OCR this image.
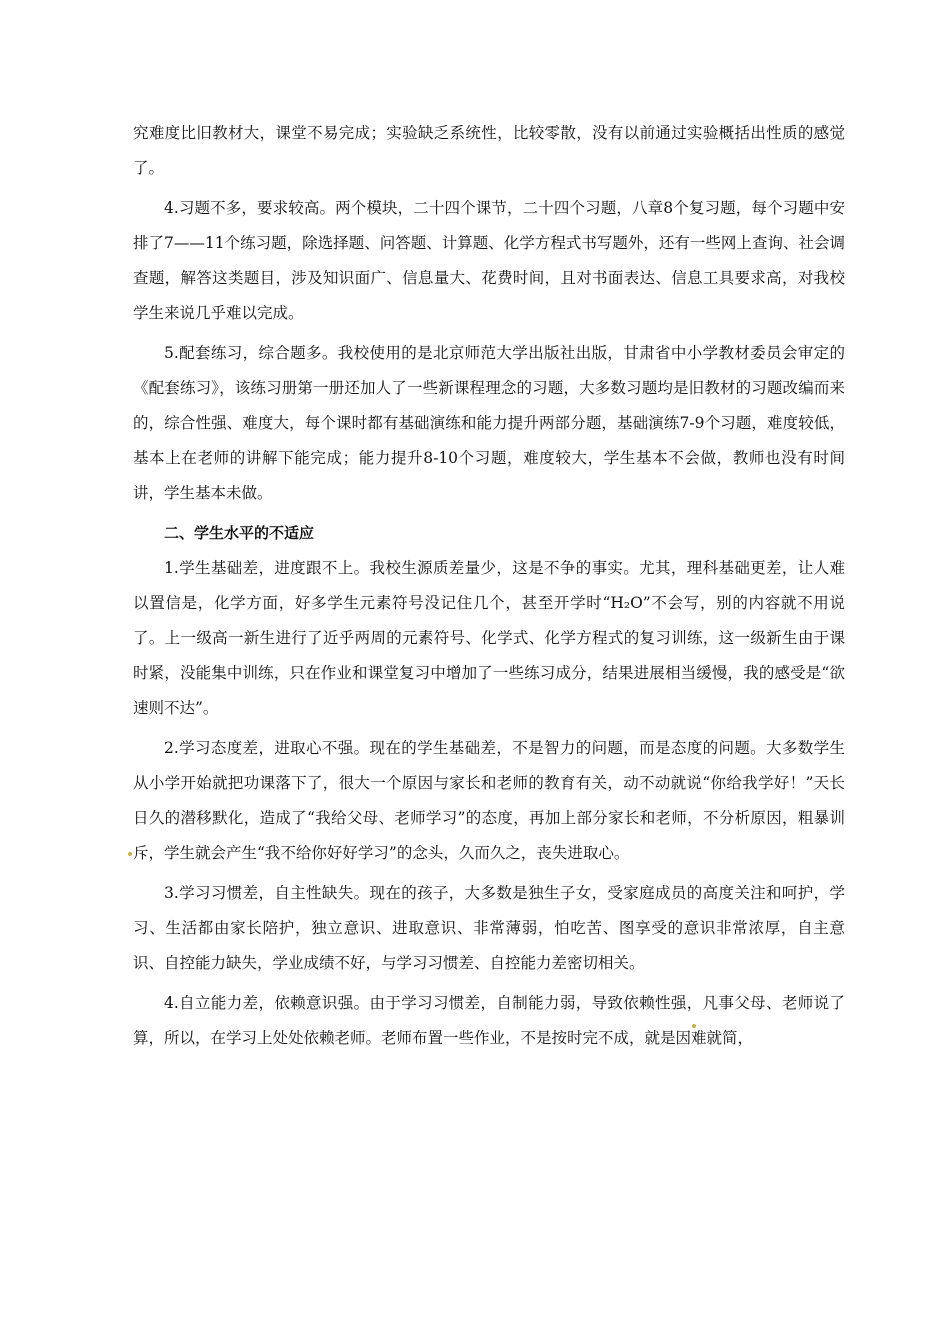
究难度比旧教材大，课堂不易完成；实验缺乏系统性，比较零散，没有以前通过实验概括出性质的感觉了。

4.习题不多，要求较高。两个模块，二十四个课节，二十四个习题，八章8个复习题，每个习题中安排了7——11个练习题，除选择题、问答题、计算题、化学方程式书写题外，还有一些网上查询、社会调查题，解答这类题目，涉及知识面广、信息量大、花费时间，且对书面表达、信息工具要求高，对我校学生来说几乎难以完成。

5.配套练习，综合题多。我校使用的是北京师范大学出版社出版，甘肃省中小学教材委员会审定的《配套练习》，该练习册第一册还加人了一些新课程理念的习题，大多数习题均是旧教材的习题改编而来的，综合性强、难度大，每个课时都有基础演练和能力提升两部分题，基础演练7-9个习题，难度较低，基本上在老师的讲解下能完成；能力提升8-10个习题，难度较大，学生基本不会做，教师也没有时间讲，学生基本未做。

二、学生水平的不适应

1.学生基础差，进度跟不上。我校生源质差量少，这是不争的事实。尤其，理科基础更差，让人难以置信是，化学方面，好多学生元素符号没记住几个，甚至开学时“H₂O”不会写，别的内容就不用说了。上一级高一新生进行了近乎两周的元素符号、化学式、化学方程式的复习训练，这一级新生由于课时紧，没能集中训练，只在作业和课堂复习中增加了一些练习成分，结果进展相当缓慢，我的感受是“欲速则不达”。

2.学习态度差，进取心不强。现在的学生基础差，不是智力的问题，而是态度的问题。大多数学生从小学开始就把功课落下了，很大一个原因与家长和老师的教育有关，动不动就说“你给我学好！”天长日久的潜移默化，造成了“我给父母、老师学习”的态度，再加上部分家长和老师，不分析原因，粗暴训斥，学生就会产生“我不给你好好学习”的念头，久而久之，丧失进取心。

3.学习习惯差，自主性缺失。现在的孩子，大多数是独生子女，受家庭成员的高度关注和呵护，学习、生活都由家长陪护，独立意识、进取意识、非常薄弱，怕吃苦、图享受的意识非常浓厚，自主意识、自控能力缺失，学业成绩不好，与学习习惯差、自控能力差密切相关。

4.自立能力差，依赖意识强。由于学习习惯差，自制能力弱，导致依赖性强，凡事父母、老师说了算，所以，在学习上处处依赖老师。老师布置一些作业，不是按时完不成，就是因难就简，
